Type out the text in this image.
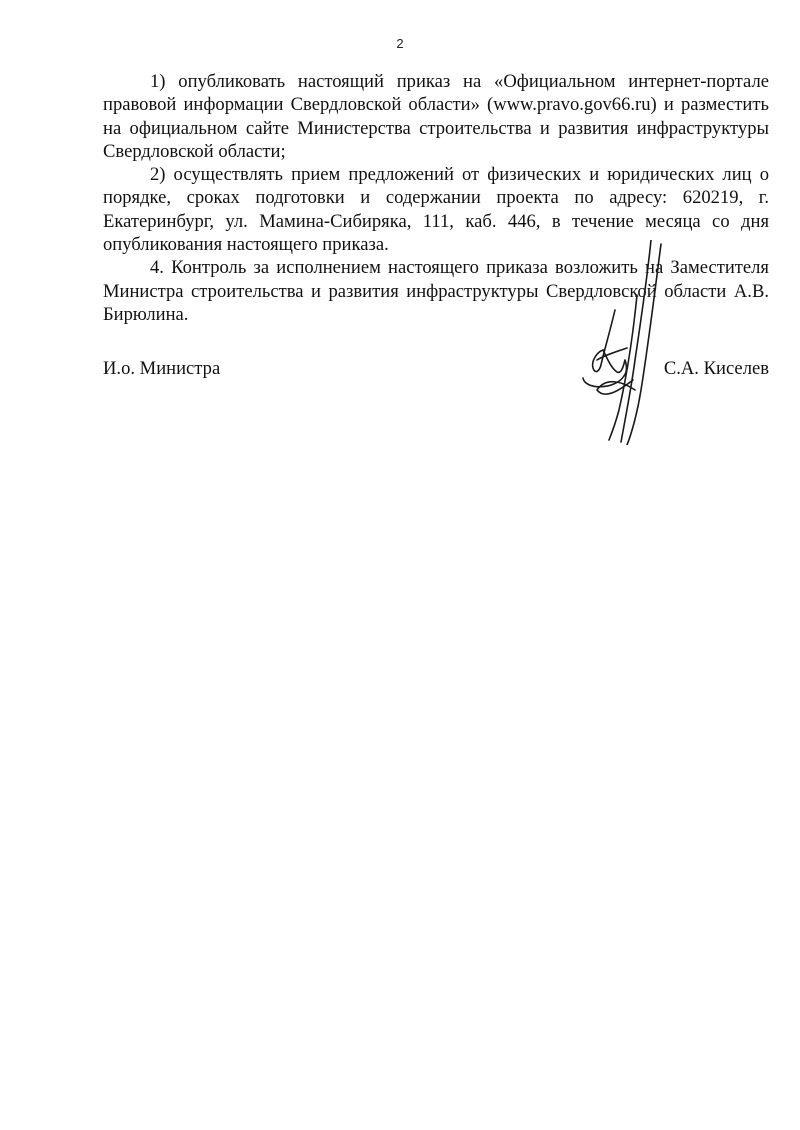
2

1) опубликовать настоящий приказ на «Официальном интернет-портале правовой информации Свердловской области» (www.pravo.gov66.ru) и разместить на официальном сайте Министерства строительства и развития инфраструктуры Свердловской области;

2) осуществлять прием предложений от физических и юридических лиц о порядке, сроках подготовки и содержании проекта по адресу: 620219, г. Екатеринбург, ул. Мамина-Сибиряка, 111, каб. 446, в течение месяца со дня опубликования настоящего приказа.

4. Контроль за исполнением настоящего приказа возложить на Заместителя Министра строительства и развития инфраструктуры Свердловской области А.В. Бирюлина.

И.о. Министра	С.А. Киселев
